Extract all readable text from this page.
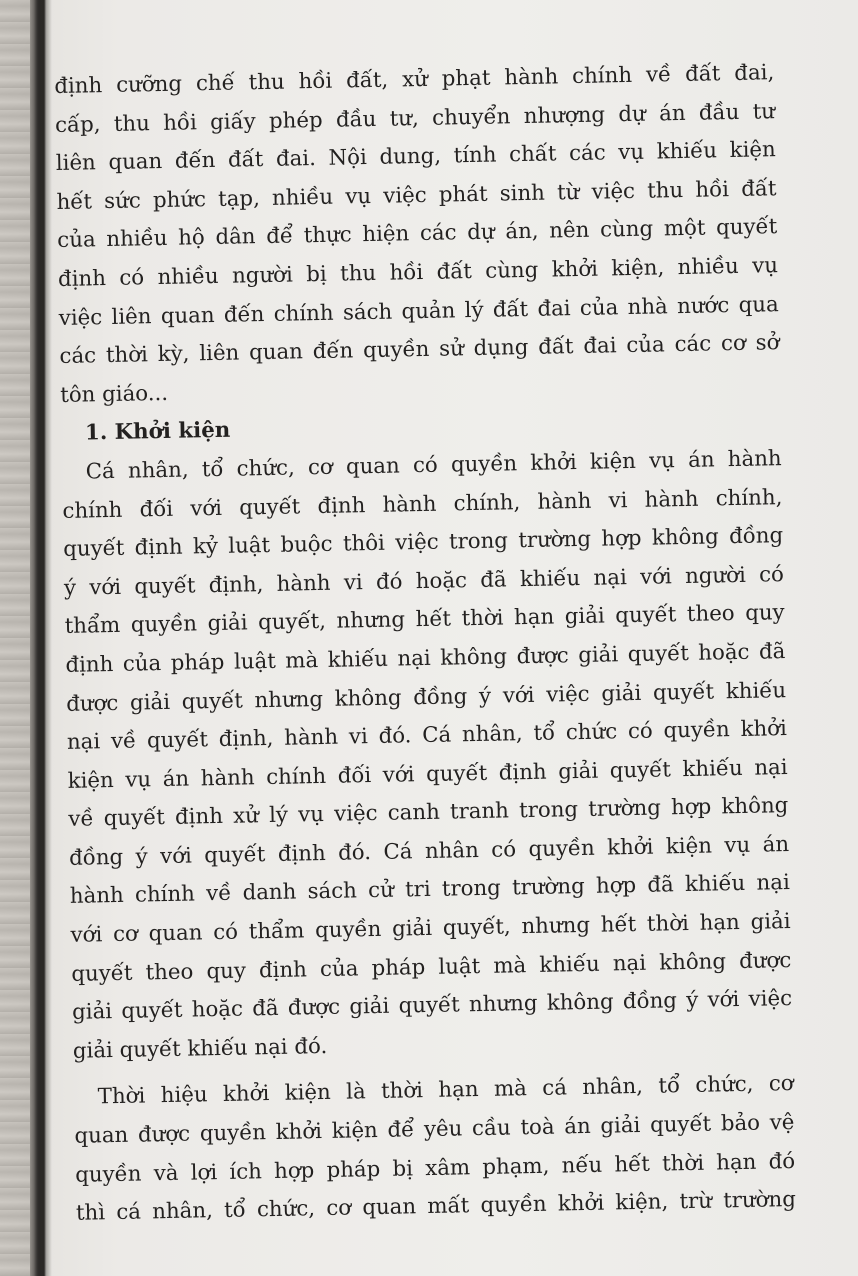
định cưỡng chế thu hồi đất, xử phạt hành chính về đất đai,
cấp, thu hồi giấy phép đầu tư, chuyển nhượng dự án đầu tư
liên quan đến đất đai. Nội dung, tính chất các vụ khiếu kiện
hết sức phức tạp, nhiều vụ việc phát sinh từ việc thu hồi đất
của nhiều hộ dân để thực hiện các dự án, nên cùng một quyết
định có nhiều người bị thu hồi đất cùng khởi kiện, nhiều vụ
việc liên quan đến chính sách quản lý đất đai của nhà nước qua
các thời kỳ, liên quan đến quyền sử dụng đất đai của các cơ sở
tôn giáo...
1. Khởi kiện
Cá nhân, tổ chức, cơ quan có quyền khởi kiện vụ án hành
chính đối với quyết định hành chính, hành vi hành chính,
quyết định kỷ luật buộc thôi việc trong trường hợp không đồng
ý với quyết định, hành vi đó hoặc đã khiếu nại với người có
thẩm quyền giải quyết, nhưng hết thời hạn giải quyết theo quy
định của pháp luật mà khiếu nại không được giải quyết hoặc đã
được giải quyết nhưng không đồng ý với việc giải quyết khiếu
nại về quyết định, hành vi đó. Cá nhân, tổ chức có quyền khởi
kiện vụ án hành chính đối với quyết định giải quyết khiếu nại
về quyết định xử lý vụ việc canh tranh trong trường hợp không
đồng ý với quyết định đó. Cá nhân có quyền khởi kiện vụ án
hành chính về danh sách cử tri trong trường hợp đã khiếu nại
với cơ quan có thẩm quyền giải quyết, nhưng hết thời hạn giải
quyết theo quy định của pháp luật mà khiếu nại không được
giải quyết hoặc đã được giải quyết nhưng không đồng ý với việc
giải quyết khiếu nại đó.
Thời hiệu khởi kiện là thời hạn mà cá nhân, tổ chức, cơ
quan được quyền khởi kiện để yêu cầu toà án giải quyết bảo vệ
quyền và lợi ích hợp pháp bị xâm phạm, nếu hết thời hạn đó
thì cá nhân, tổ chức, cơ quan mất quyền khởi kiện, trừ trường
